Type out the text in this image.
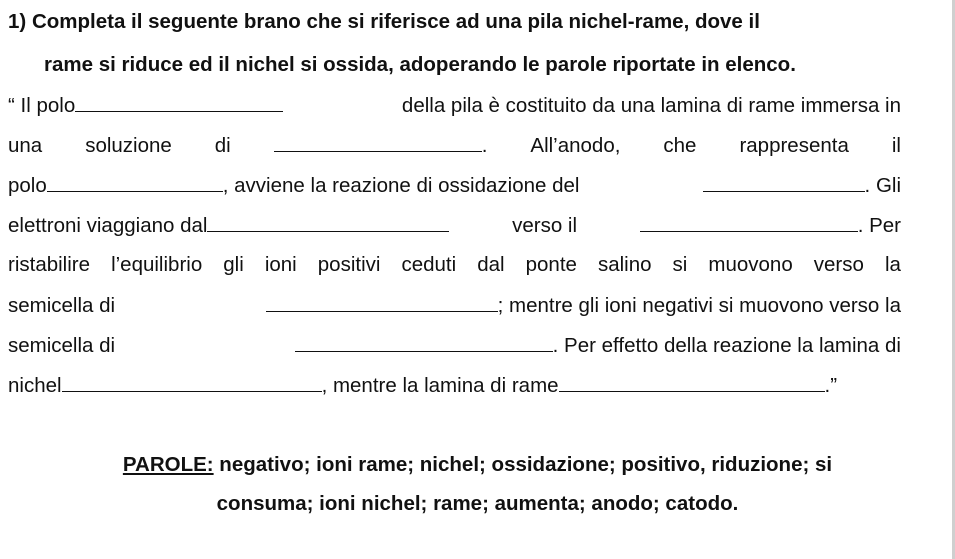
1) Completa il seguente brano che si riferisce ad una pila nichel-rame, dove il
rame si riduce ed il nichel si ossida, adoperando le parole riportate in elenco.
“ Il polo	della pila è costituito da una lamina di rame immersa in
una soluzione di	. All’anodo, che rappresenta il
polo	, avviene la reazione di ossidazione del	. Gli
elettroni viaggiano dal	verso il	. Per
ristabilire l’equilibrio gli ioni positivi ceduti dal ponte salino si muovono verso la
semicella di	; mentre gli ioni negativi si muovono verso la
semicella di	. Per effetto della reazione la lamina di
nichel	, mentre la lamina di rame	.”
PAROLE: negativo; ioni rame; nichel; ossidazione; positivo, riduzione; si
consuma; ioni nichel; rame; aumenta; anodo; catodo.
